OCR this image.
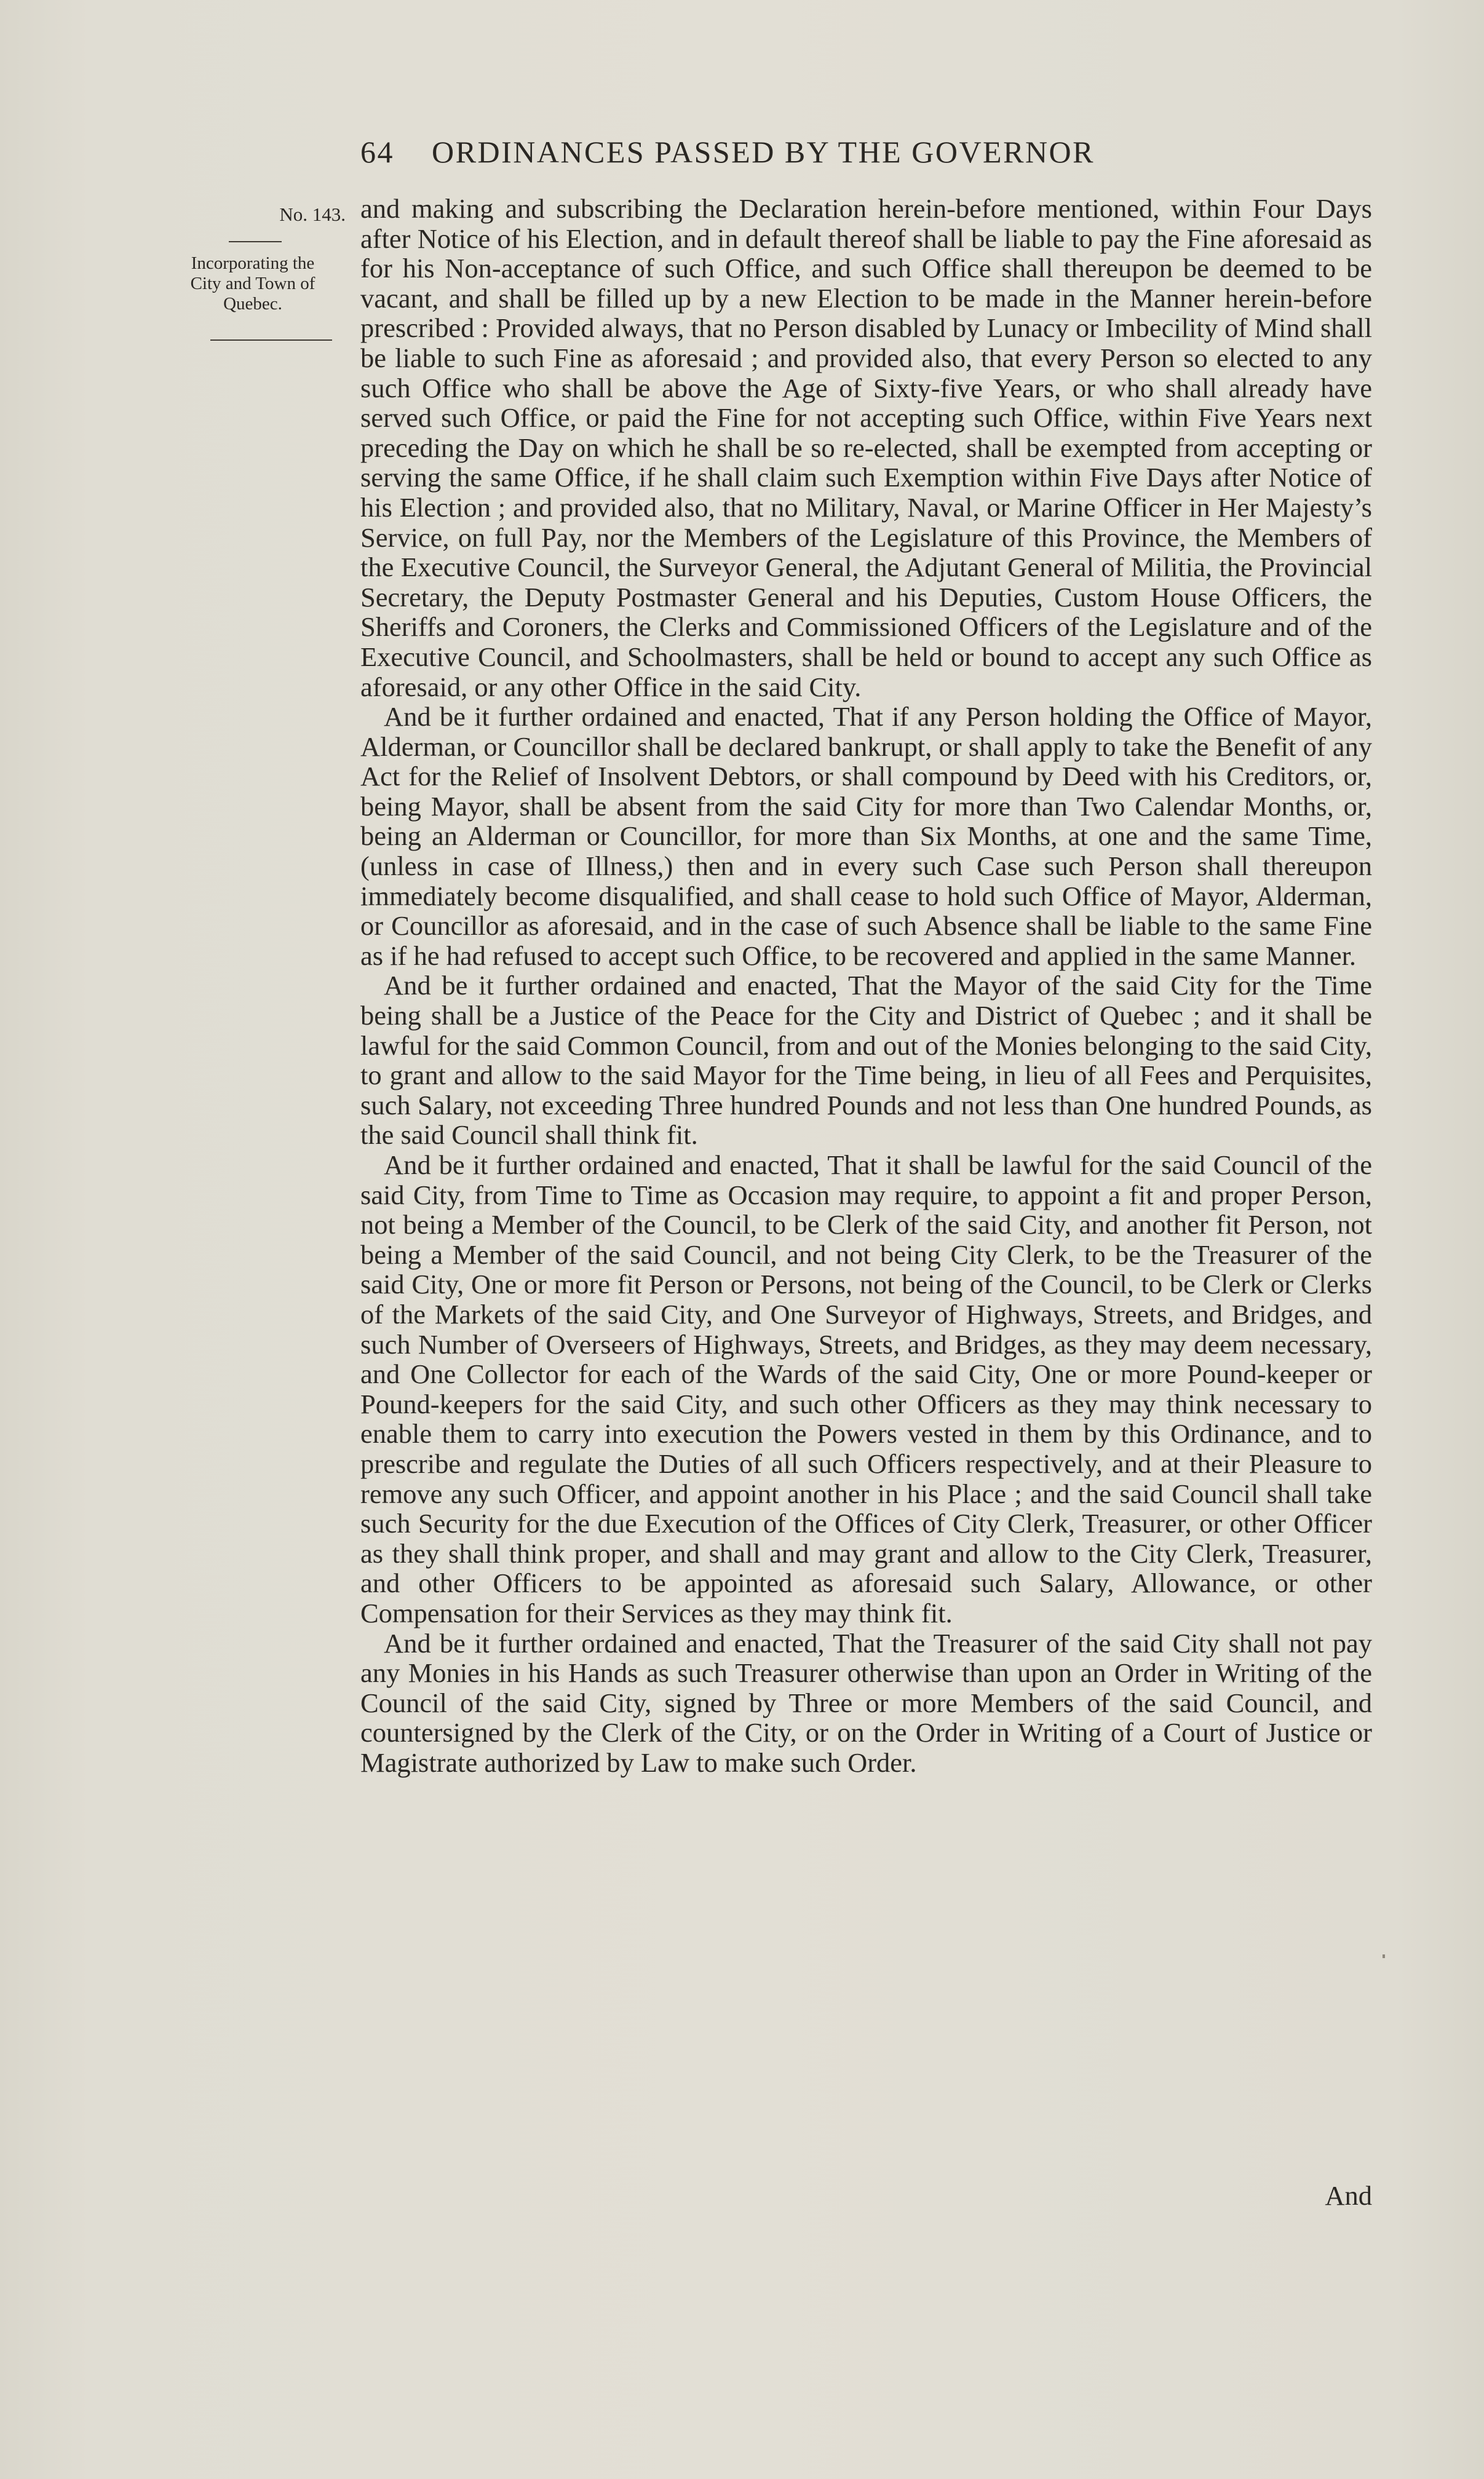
64 ORDINANCES PASSED BY THE GOVERNOR
No. 143.
Incorporating the
City and Town of
Quebec.

and making and subscribing the Declaration herein-before mentioned, within Four Days after Notice of his Election, and in default thereof shall be liable to pay the Fine aforesaid as for his Non-acceptance of such Office, and such Office shall thereupon be deemed to be vacant, and shall be filled up by a new Election to be made in the Manner herein-before prescribed : Provided always, that no Person disabled by Lunacy or Imbecility of Mind shall be liable to such Fine as aforesaid ; and provided also, that every Person so elected to any such Office who shall be above the Age of Sixty-five Years, or who shall already have served such Office, or paid the Fine for not accepting such Office, within Five Years next preceding the Day on which he shall be so re-elected, shall be exempted from accepting or serving the same Office, if he shall claim such Exemption within Five Days after Notice of his Election ; and provided also, that no Military, Naval, or Marine Officer in Her Majesty’s Service, on full Pay, nor the Members of the Legislature of this Province, the Members of the Executive Council, the Surveyor General, the Adjutant General of Militia, the Provincial Secretary, the Deputy Postmaster General and his Deputies, Custom House Officers, the Sheriffs and Coroners, the Clerks and Commissioned Officers of the Legislature and of the Executive Council, and Schoolmasters, shall be held or bound to accept any such Office as aforesaid, or any other Office in the said City.

And be it further ordained and enacted, That if any Person holding the Office of Mayor, Alderman, or Councillor shall be declared bankrupt, or shall apply to take the Benefit of any Act for the Relief of Insolvent Debtors, or shall compound by Deed with his Creditors, or, being Mayor, shall be absent from the said City for more than Two Calendar Months, or, being an Alderman or Councillor, for more than Six Months, at one and the same Time, (unless in case of Illness,) then and in every such Case such Person shall thereupon immediately become disqualified, and shall cease to hold such Office of Mayor, Alderman, or Councillor as aforesaid, and in the case of such Absence shall be liable to the same Fine as if he had refused to accept such Office, to be recovered and applied in the same Manner.

And be it further ordained and enacted, That the Mayor of the said City for the Time being shall be a Justice of the Peace for the City and District of Quebec ; and it shall be lawful for the said Common Council, from and out of the Monies belonging to the said City, to grant and allow to the said Mayor for the Time being, in lieu of all Fees and Perquisites, such Salary, not exceeding Three hundred Pounds and not less than One hundred Pounds, as the said Council shall think fit.

And be it further ordained and enacted, That it shall be lawful for the said Council of the said City, from Time to Time as Occasion may require, to appoint a fit and proper Person, not being a Member of the Council, to be Clerk of the said City, and another fit Person, not being a Member of the said Council, and not being City Clerk, to be the Treasurer of the said City, One or more fit Person or Persons, not being of the Council, to be Clerk or Clerks of the Markets of the said City, and One Surveyor of Highways, Streets, and Bridges, and such Number of Overseers of Highways, Streets, and Bridges, as they may deem necessary, and One Collector for each of the Wards of the said City, One or more Pound-keeper or Pound-keepers for the said City, and such other Officers as they may think necessary to enable them to carry into execution the Powers vested in them by this Ordinance, and to prescribe and regulate the Duties of all such Officers respectively, and at their Pleasure to remove any such Officer, and appoint another in his Place ; and the said Council shall take such Security for the due Execution of the Offices of City Clerk, Treasurer, or other Officer as they shall think proper, and shall and may grant and allow to the City Clerk, Treasurer, and other Officers to be appointed as aforesaid such Salary, Allowance, or other Compensation for their Services as they may think fit.

And be it further ordained and enacted, That the Treasurer of the said City shall not pay any Monies in his Hands as such Treasurer otherwise than upon an Order in Writing of the Council of the said City, signed by Three or more Members of the said Council, and countersigned by the Clerk of the City, or on the Order in Writing of a Court of Justice or Magistrate authorized by Law to make such Order.

And
